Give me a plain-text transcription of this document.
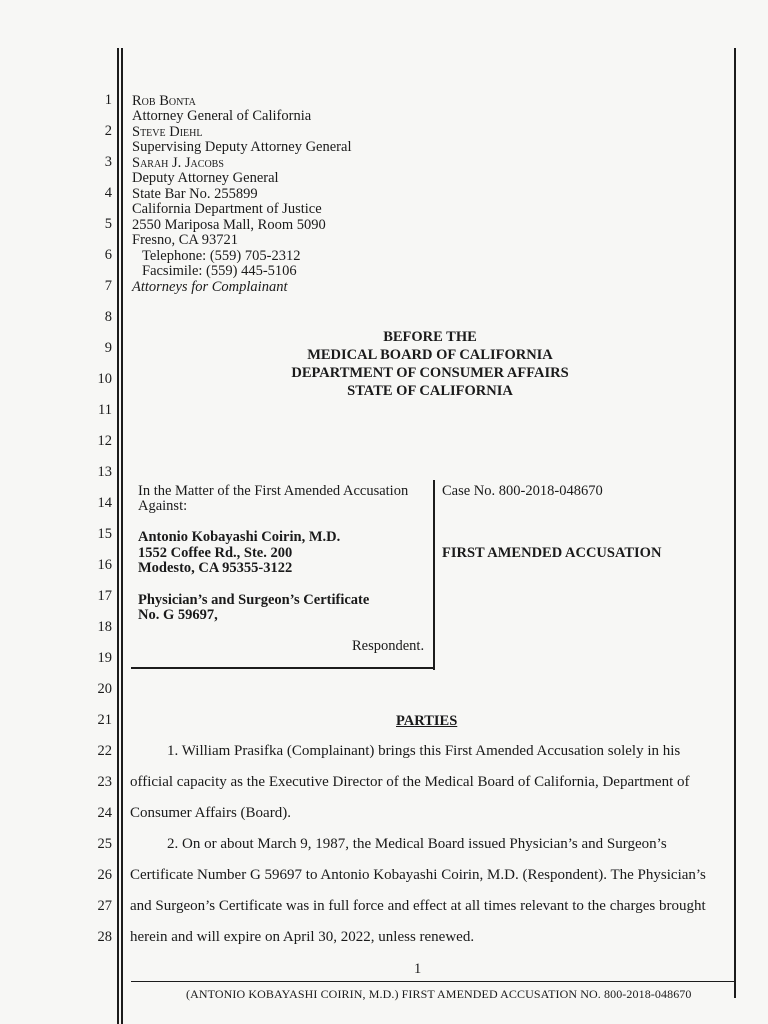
1
2
3
4
5
6
7
8
9
10
11
12
13
14
15
16
17
18
19
20
21
22
23
24
25
26
27
28
Rob Bonta
Attorney General of California
Steve Diehl
Supervising Deputy Attorney General
Sarah J. Jacobs
Deputy Attorney General
State Bar No. 255899
California Department of Justice
2550 Mariposa Mall, Room 5090
Fresno, CA 93721
Telephone: (559) 705-2312
Facsimile: (559) 445-5106
Attorneys for Complainant
BEFORE THE
MEDICAL BOARD OF CALIFORNIA
DEPARTMENT OF CONSUMER AFFAIRS
STATE OF CALIFORNIA
In the Matter of the First Amended Accusation
Against:
Antonio Kobayashi Coirin, M.D.
1552 Coffee Rd., Ste. 200
Modesto, CA 95355-3122
Physician’s and Surgeon’s Certificate
No. G 59697,
Respondent.
Case No. 800-2018-048670
FIRST AMENDED ACCUSATION
PARTIES
1. William Prasifka (Complainant) brings this First Amended Accusation solely in his
official capacity as the Executive Director of the Medical Board of California, Department of
Consumer Affairs (Board).
2. On or about March 9, 1987, the Medical Board issued Physician’s and Surgeon’s
Certificate Number G 59697 to Antonio Kobayashi Coirin, M.D. (Respondent). The Physician’s
and Surgeon’s Certificate was in full force and effect at all times relevant to the charges brought
herein and will expire on April 30, 2022, unless renewed.
1
(ANTONIO KOBAYASHI COIRIN, M.D.) FIRST AMENDED ACCUSATION NO. 800-2018-048670
